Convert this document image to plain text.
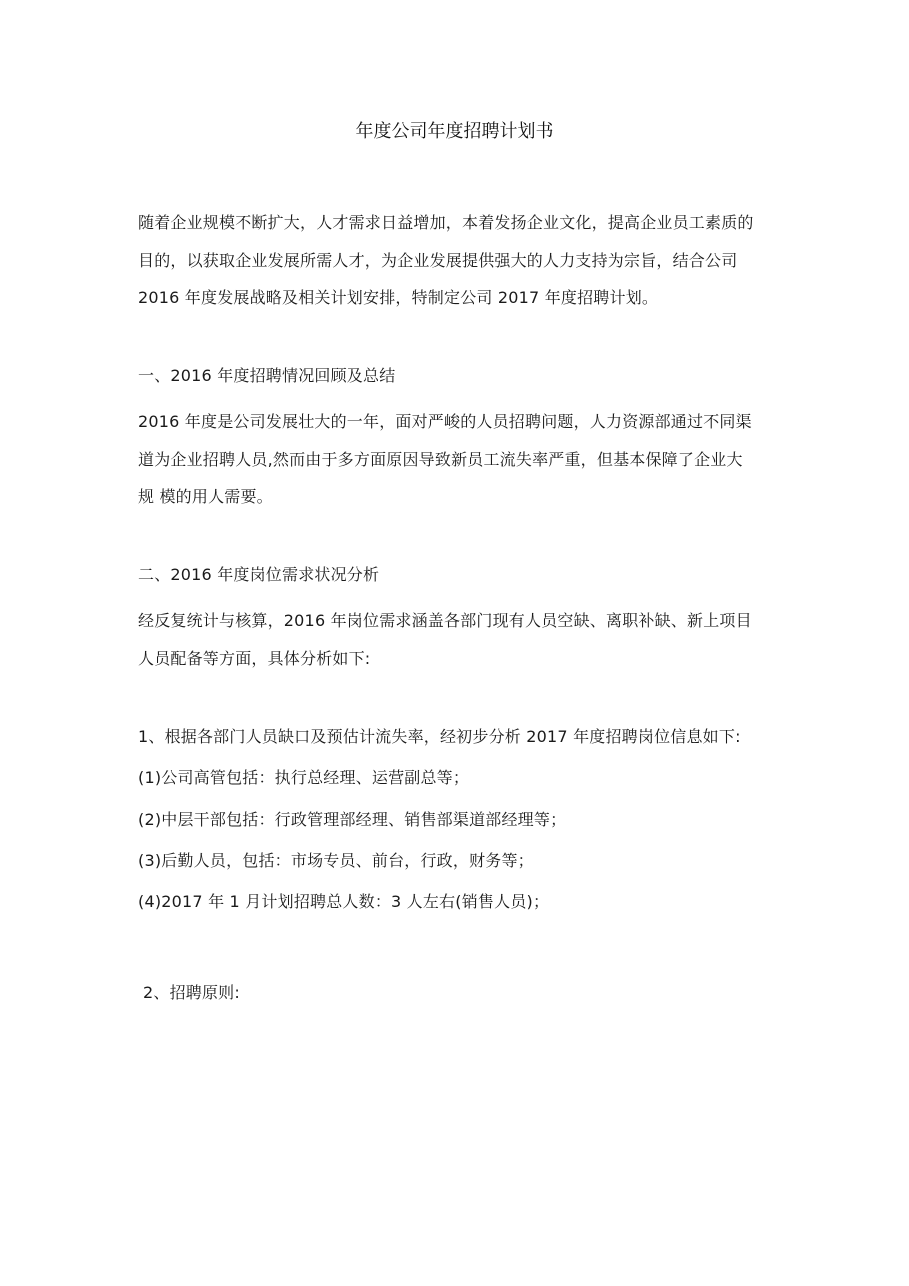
年度公司年度招聘计划书
随着企业规模不断扩大，人才需求日益增加，本着发扬企业文化，提高企业员工素质的
目的，以获取企业发展所需人才，为企业发展提供强大的人力支持为宗旨，结合公司
2016 年度发展战略及相关计划安排，特制定公司 2017 年度招聘计划。
一、2016 年度招聘情况回顾及总结
2016 年度是公司发展壮大的一年，面对严峻的人员招聘问题，人力资源部通过不同渠
道为企业招聘人员,然而由于多方面原因导致新员工流失率严重，但基本保障了企业大
规 模的用人需要。
二、2016 年度岗位需求状况分析
经反复统计与核算，2016 年岗位需求涵盖各部门现有人员空缺、离职补缺、新上项目
人员配备等方面，具体分析如下:
1、根据各部门人员缺口及预估计流失率，经初步分析 2017 年度招聘岗位信息如下:
(1)公司高管包括：执行总经理、运营副总等；
(2)中层干部包括：行政管理部经理、销售部渠道部经理等；
(3)后勤人员，包括：市场专员、前台，行政，财务等；
(4)2017 年 1 月计划招聘总人数：3 人左右(销售人员)；
2、招聘原则:
